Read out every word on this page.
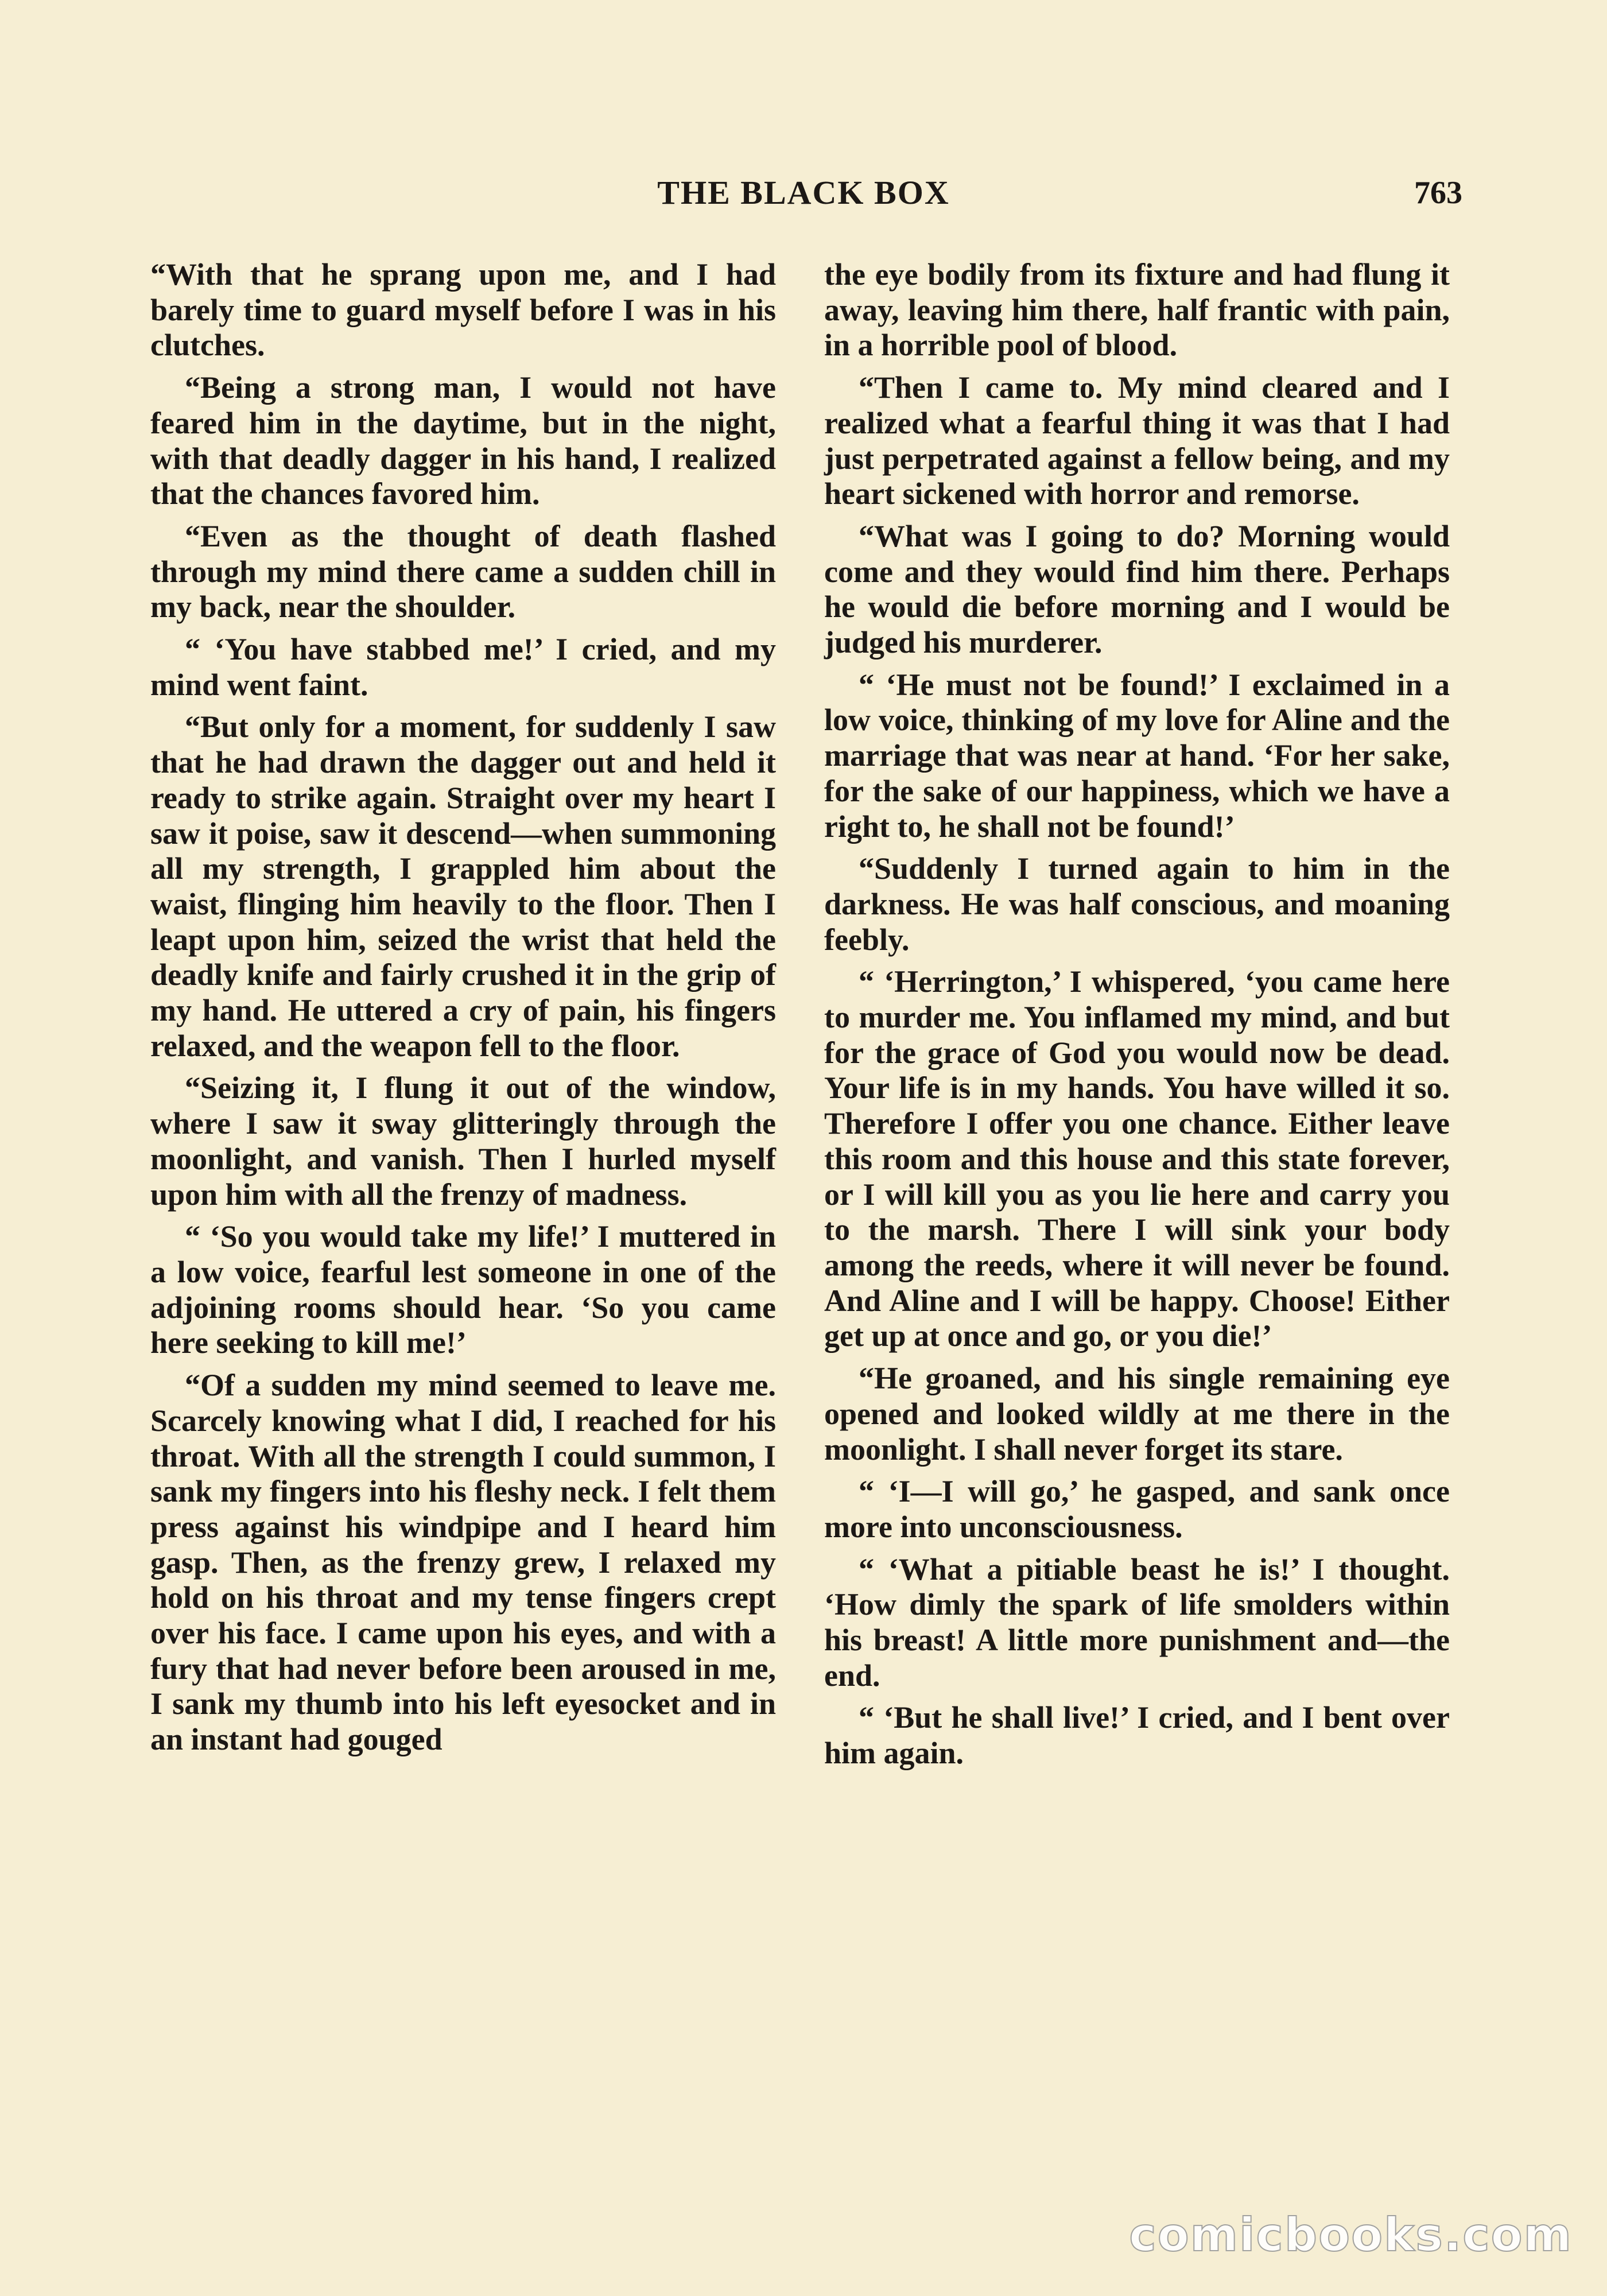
THE BLACK BOX	763

“With that he sprang upon me, and I had barely time to guard myself before I was in his clutches.

“Being a strong man, I would not have feared him in the daytime, but in the night, with that deadly dagger in his hand, I realized that the chances favored him.

“Even as the thought of death flashed through my mind there came a sudden chill in my back, near the shoulder.

“ ‘You have stabbed me!’ I cried, and my mind went faint.

“But only for a moment, for suddenly I saw that he had drawn the dagger out and held it ready to strike again. Straight over my heart I saw it poise, saw it descend—when summoning all my strength, I grappled him about the waist, flinging him heavily to the floor. Then I leapt upon him, seized the wrist that held the deadly knife and fairly crushed it in the grip of my hand. He uttered a cry of pain, his fingers relaxed, and the weapon fell to the floor.

“Seizing it, I flung it out of the window, where I saw it sway glitteringly through the moonlight, and vanish. Then I hurled myself upon him with all the frenzy of madness.

“ ‘So you would take my life!’ I muttered in a low voice, fearful lest someone in one of the adjoining rooms should hear. ‘So you came here seeking to kill me!’

“Of a sudden my mind seemed to leave me. Scarcely knowing what I did, I reached for his throat. With all the strength I could summon, I sank my fingers into his fleshy neck. I felt them press against his windpipe and I heard him gasp. Then, as the frenzy grew, I relaxed my hold on his throat and my tense fingers crept over his face. I came upon his eyes, and with a fury that had never before been aroused in me, I sank my thumb into his left eyesocket and in an instant had gouged

the eye bodily from its fixture and had flung it away, leaving him there, half frantic with pain, in a horrible pool of blood.

“Then I came to. My mind cleared and I realized what a fearful thing it was that I had just perpetrated against a fellow being, and my heart sickened with horror and remorse.

“What was I going to do? Morning would come and they would find him there. Perhaps he would die before morning and I would be judged his murderer.

“ ‘He must not be found!’ I exclaimed in a low voice, thinking of my love for Aline and the marriage that was near at hand. ‘For her sake, for the sake of our happiness, which we have a right to, he shall not be found!’

“Suddenly I turned again to him in the darkness. He was half conscious, and moaning feebly.

“ ‘Herrington,’ I whispered, ‘you came here to murder me. You inflamed my mind, and but for the grace of God you would now be dead. Your life is in my hands. You have willed it so. Therefore I offer you one chance. Either leave this room and this house and this state forever, or I will kill you as you lie here and carry you to the marsh. There I will sink your body among the reeds, where it will never be found. And Aline and I will be happy. Choose! Either get up at once and go, or you die!’

“He groaned, and his single remaining eye opened and looked wildly at me there in the moonlight. I shall never forget its stare.

“ ‘I—I will go,’ he gasped, and sank once more into unconsciousness.

“ ‘What a pitiable beast he is!’ I thought. ‘How dimly the spark of life smolders within his breast! A little more punishment and—the end.

“ ‘But he shall live!’ I cried, and I bent over him again.

comicbooks.com
